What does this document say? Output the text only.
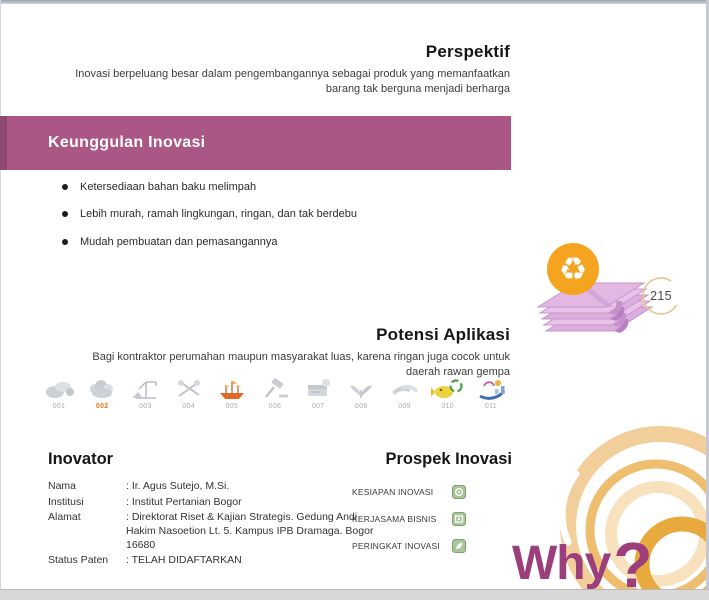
Perspektif
Inovasi berpeluang besar dalam pengembangannya sebagai produk yang memanfaatkan barang tak berguna menjadi berharga
Keunggulan Inovasi
Ketersediaan bahan baku melimpah
Lebih murah, ramah lingkungan, ringan, dan tak berdebu
Mudah pembuatan dan pemasangannya
♻
215
Potensi Aplikasi
Bagi kontraktor perumahan maupun masyarakat luas, karena ringan juga cocok untuk daerah rawan gempa
001	002	003	004	005	006	007	008	009	010	011
Inovator
Nama	: Ir. Agus Sutejo, M.Si.
Institusi	: Institut Pertanian Bogor
Alamat	: Direktorat Riset & Kajian Strategis. Gedung Andi Hakim Nasoetion Lt. 5. Kampus IPB Dramaga. Bogor 16680
Status Paten	: TELAH DIDAFTARKAN
Prospek Inovasi
KESIAPAN INOVASI
KERJASAMA BISNIS
PERINGKAT INOVASI Why ?
